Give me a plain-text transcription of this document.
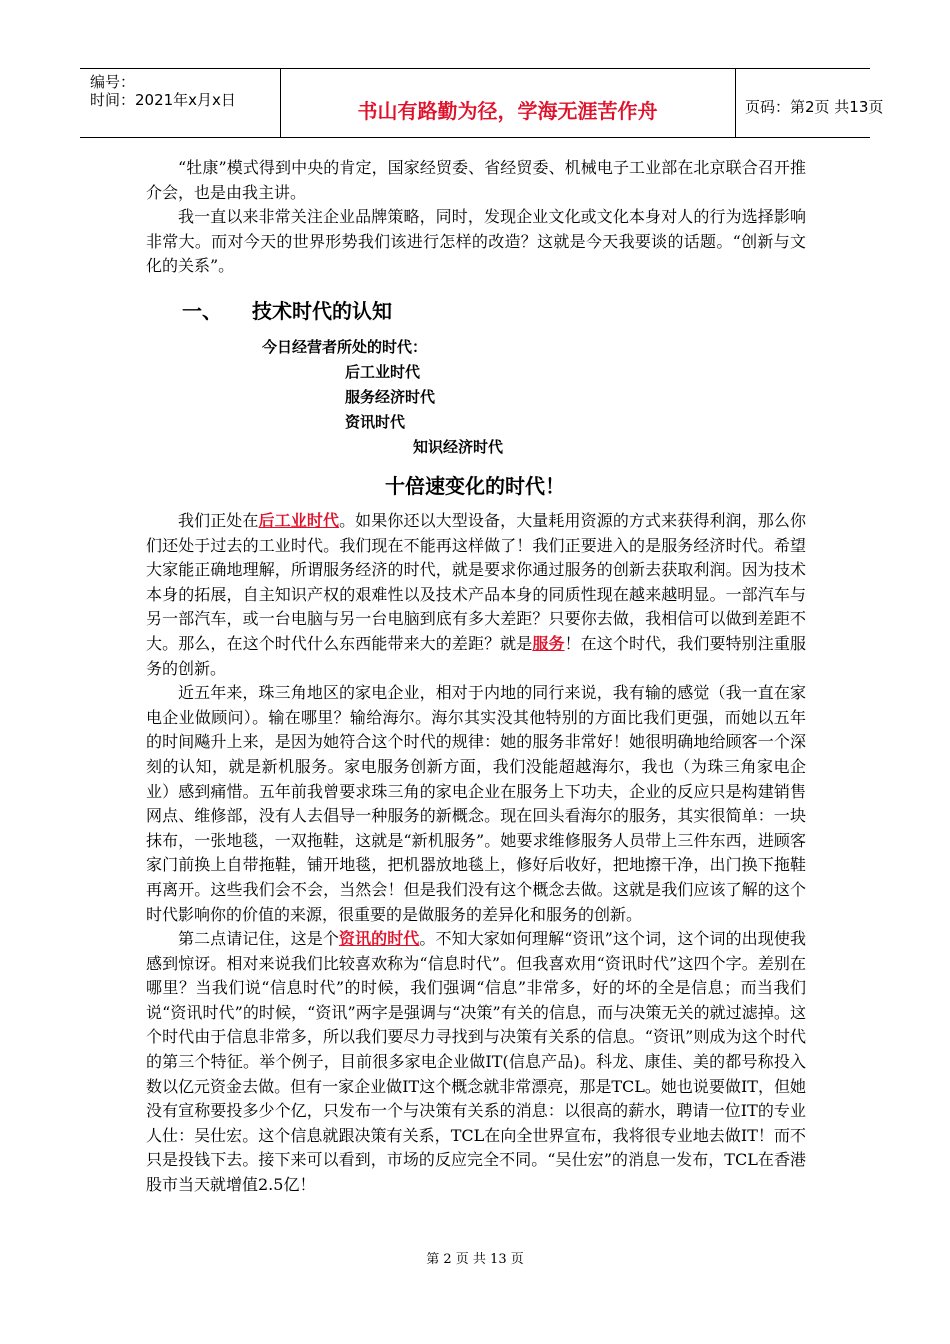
编号：
时间：2021年x月x日	书山有路勤为径，学海无涯苦作舟	页码：第2页 共13页

“牡康”模式得到中央的肯定，国家经贸委、省经贸委、机械电子工业部在北京联合召开推介会，也是由我主讲。

我一直以来非常关注企业品牌策略，同时，发现企业文化或文化本身对人的行为选择影响非常大。而对今天的世界形势我们该进行怎样的改造？这就是今天我要谈的话题。“创新与文化的关系”。

一、 技术时代的认知
今日经营者所处的时代：
后工业时代
服务经济时代
资讯时代
知识经济时代
十倍速变化的时代！

我们正处在后工业时代。如果你还以大型设备，大量耗用资源的方式来获得利润，那么你们还处于过去的工业时代。我们现在不能再这样做了！我们正要进入的是服务经济时代。希望大家能正确地理解，所谓服务经济的时代，就是要求你通过服务的创新去获取利润。因为技术本身的拓展，自主知识产权的艰难性以及技术产品本身的同质性现在越来越明显。一部汽车与另一部汽车，或一台电脑与另一台电脑到底有多大差距？只要你去做，我相信可以做到差距不大。那么，在这个时代什么东西能带来大的差距？就是服务！在这个时代，我们要特别注重服务的创新。

近五年来，珠三角地区的家电企业，相对于内地的同行来说，我有输的感觉（我一直在家电企业做顾问）。输在哪里？输给海尔。海尔其实没其他特别的方面比我们更强，而她以五年的时间飚升上来，是因为她符合这个时代的规律：她的服务非常好！她很明确地给顾客一个深刻的认知，就是新机服务。家电服务创新方面，我们没能超越海尔，我也（为珠三角家电企业）感到痛惜。五年前我曾要求珠三角的家电企业在服务上下功夫，企业的反应只是构建销售网点、维修部，没有人去倡导一种服务的新概念。现在回头看海尔的服务，其实很简单：一块抹布，一张地毯，一双拖鞋，这就是“新机服务”。她要求维修服务人员带上三件东西，进顾客家门前换上自带拖鞋，铺开地毯，把机器放地毯上，修好后收好，把地擦干净，出门换下拖鞋再离开。这些我们会不会，当然会！但是我们没有这个概念去做。这就是我们应该了解的这个时代影响你的价值的来源，很重要的是做服务的差异化和服务的创新。

第二点请记住，这是个资讯的时代。不知大家如何理解“资讯”这个词，这个词的出现使我感到惊讶。相对来说我们比较喜欢称为“信息时代”。但我喜欢用“资讯时代”这四个字。差别在哪里？当我们说“信息时代”的时候，我们强调“信息”非常多，好的坏的全是信息；而当我们说“资讯时代”的时候，“资讯”两字是强调与“决策”有关的信息，而与决策无关的就过滤掉。这个时代由于信息非常多，所以我们要尽力寻找到与决策有关系的信息。“资讯”则成为这个时代的第三个特征。举个例子，目前很多家电企业做IT(信息产品)。科龙、康佳、美的都号称投入数以亿元资金去做。但有一家企业做IT这个概念就非常漂亮，那是TCL。她也说要做IT，但她没有宣称要投多少个亿，只发布一个与决策有关系的消息：以很高的薪水，聘请一位IT的专业人仕：吴仕宏。这个信息就跟决策有关系，TCL在向全世界宣布，我将很专业地去做IT！而不只是投钱下去。接下来可以看到，市场的反应完全不同。“吴仕宏”的消息一发布，TCL在香港股市当天就增值2.5亿！

第 2 页 共 13 页
